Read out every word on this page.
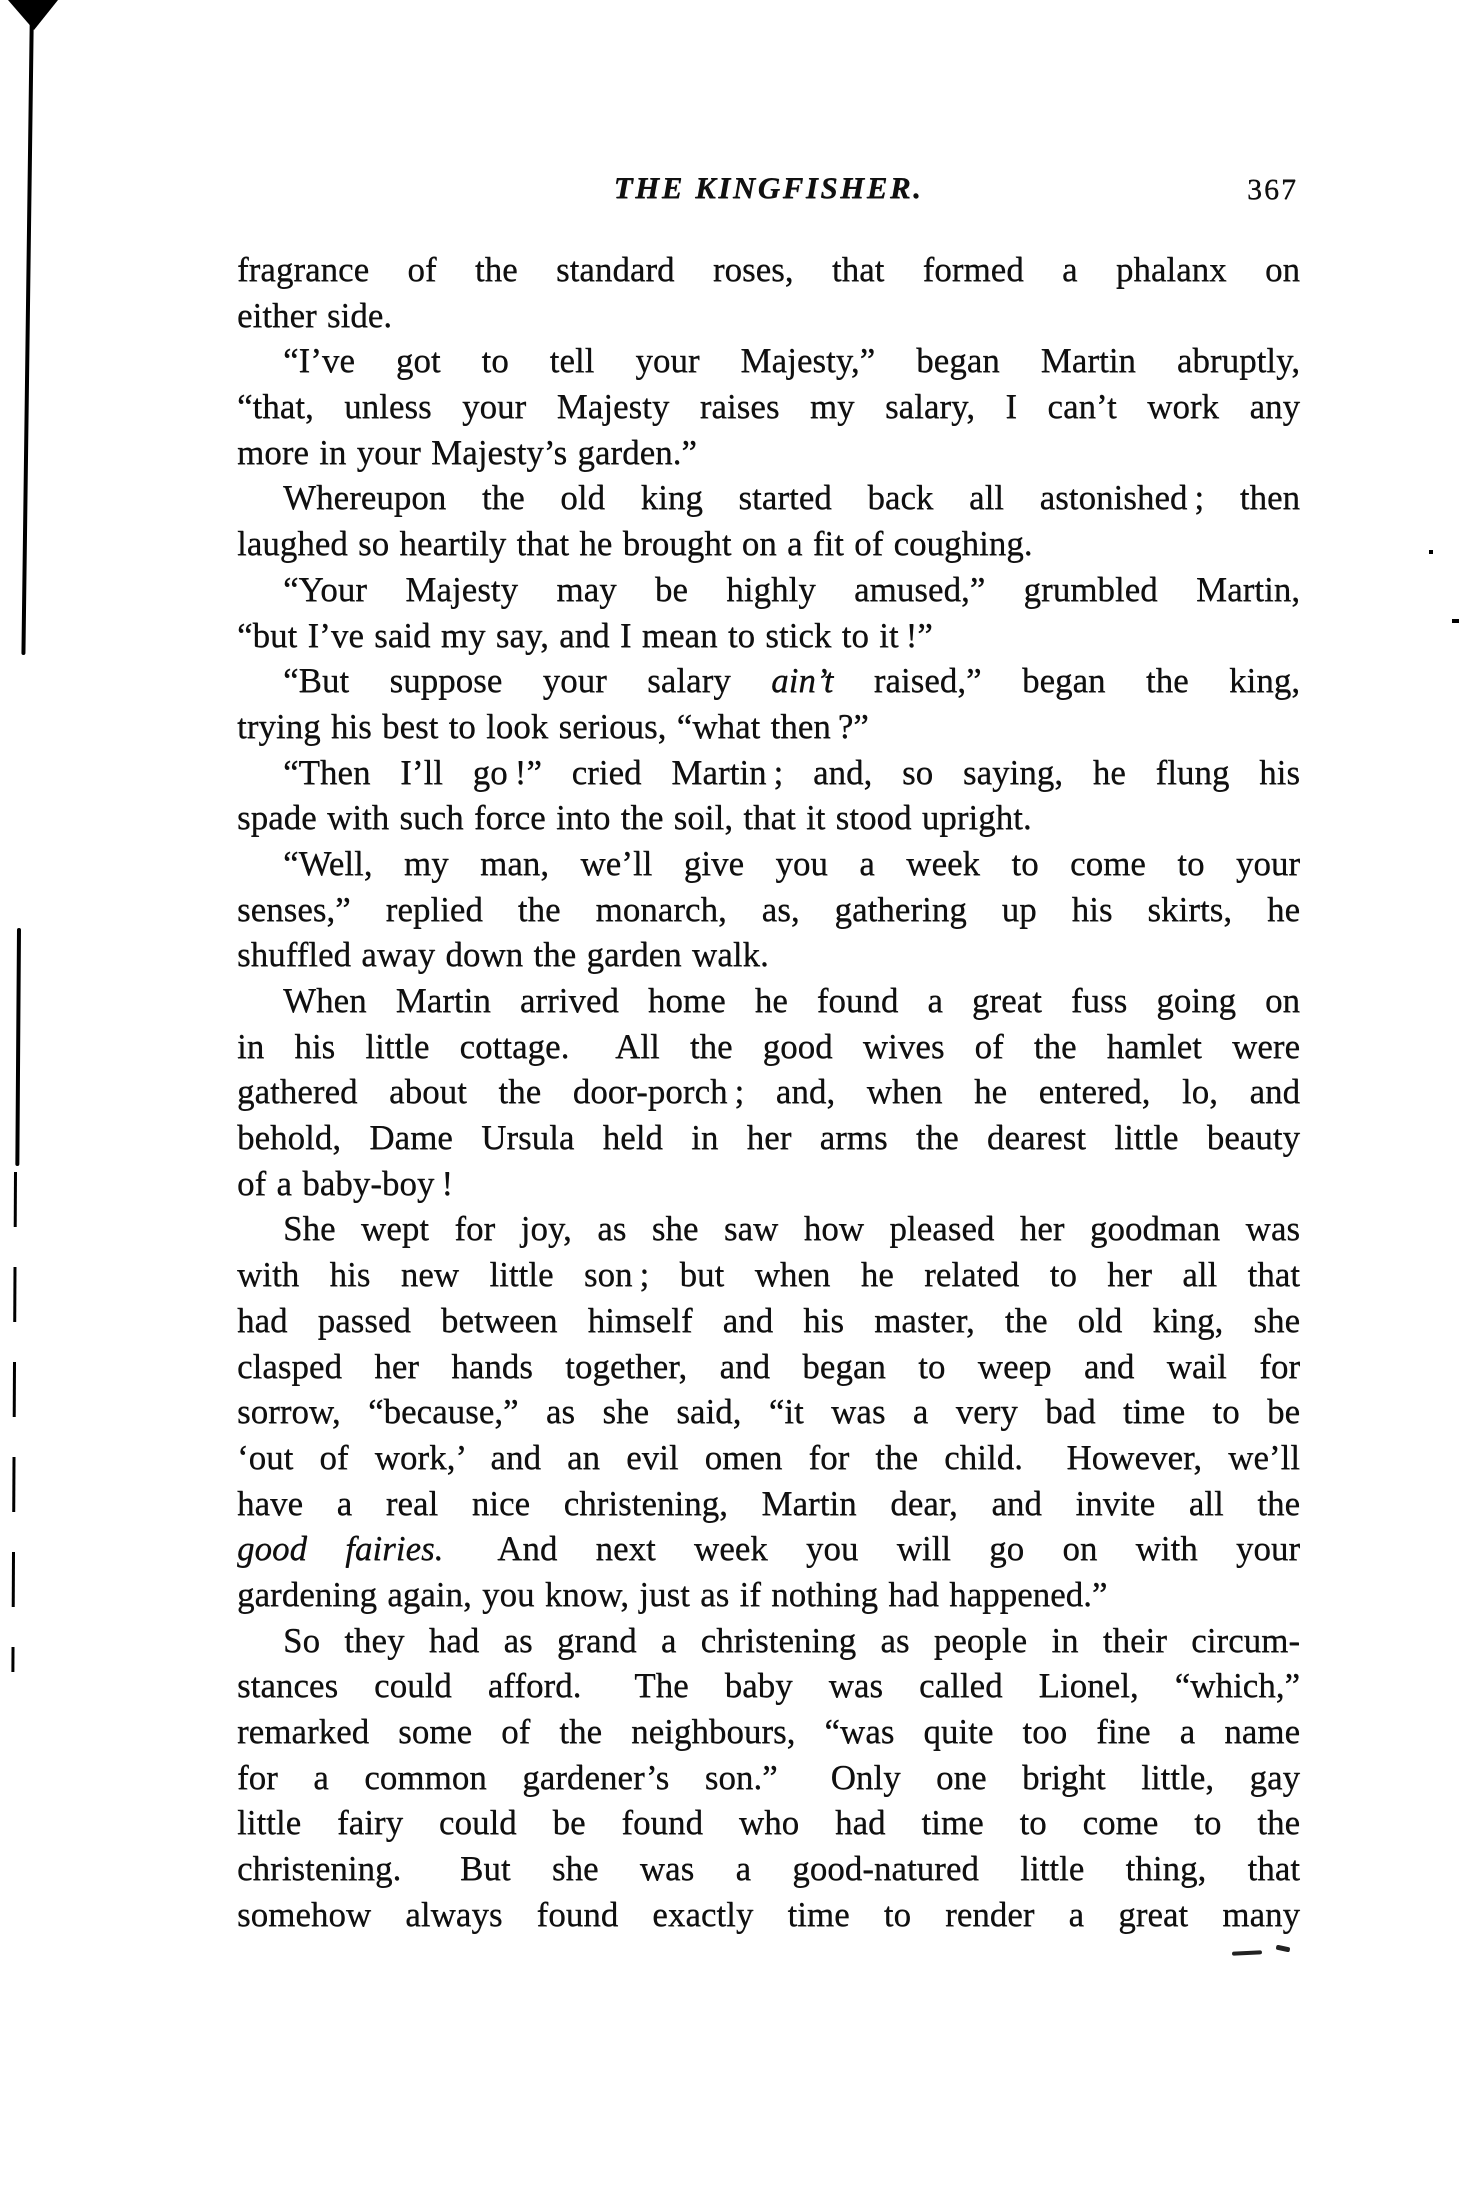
THE KINGFISHER.	367
fragrance of the standard roses, that formed a phalanx on
either side.
“I’ve got to tell your Majesty,” began Martin abruptly,
“that, unless your Majesty raises my salary, I can’t work any
more in your Majesty’s garden.”
Whereupon the old king started back all astonished ; then
laughed so heartily that he brought on a fit of coughing.
“Your Majesty may be highly amused,” grumbled Martin,
“but I’ve said my say, and I mean to stick to it !”
“But suppose your salary ain’t raised,” began the king,
trying his best to look serious, “what then ?”
“Then I’ll go !” cried Martin ; and, so saying, he flung his
spade with such force into the soil, that it stood upright.
“Well, my man, we’ll give you a week to come to your
senses,” replied the monarch, as, gathering up his skirts, he
shuffled away down the garden walk.
When Martin arrived home he found a great fuss going on
in his little cottage.  All the good wives of the hamlet were
gathered about the door-porch ; and, when he entered, lo, and
behold, Dame Ursula held in her arms the dearest little beauty
of a baby-boy !
She wept for joy, as she saw how pleased her goodman was
with his new little son ; but when he related to her all that
had passed between himself and his master, the old king, she
clasped her hands together, and began to weep and wail for
sorrow, “because,” as she said, “it was a very bad time to be
‘out of work,’ and an evil omen for the child.  However, we’ll
have a real nice christening, Martin dear, and invite all the
good fairies.  And next week you will go on with your
gardening again, you know, just as if nothing had happened.”
So they had as grand a christening as people in their circum-
stances could afford.  The baby was called Lionel, “which,”
remarked some of the neighbours, “was quite too fine a name
for a common gardener’s son.”  Only one bright little, gay
little fairy could be found who had time to come to the
christening.  But she was a good-natured little thing, that
somehow always found exactly time to render a great many
